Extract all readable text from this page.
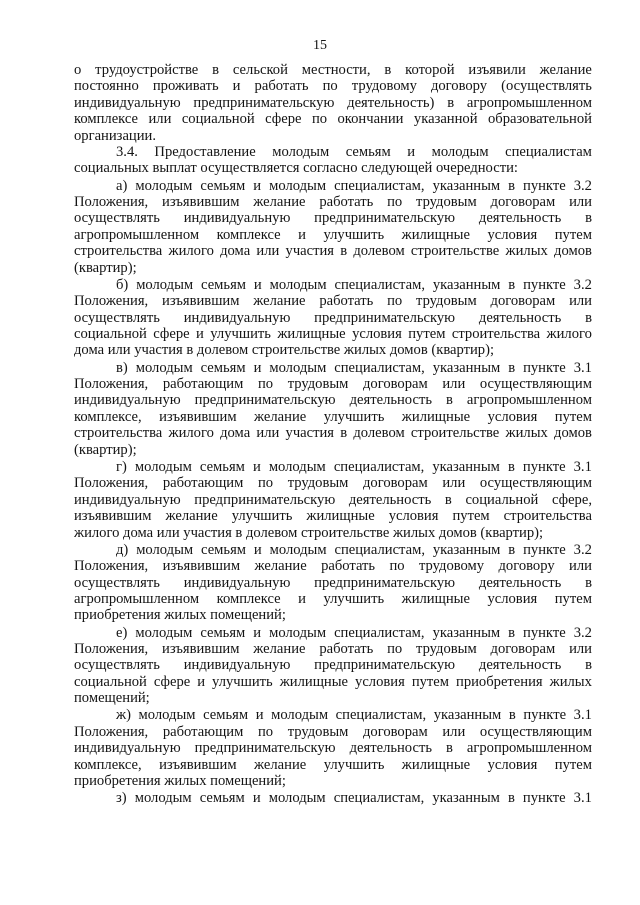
15
о трудоустройстве в сельской местности, в которой изъявили желание
постоянно проживать и работать по трудовому договору (осуществлять
индивидуальную предпринимательскую деятельность) в агропромышленном
комплексе или социальной сфере по окончании указанной образовательной
организации.
3.4. Предоставление молодым семьям и молодым специалистам
социальных выплат осуществляется согласно следующей очередности:
а) молодым семьям и молодым специалистам, указанным в пункте 3.2
Положения, изъявившим желание работать по трудовым договорам или
осуществлять индивидуальную предпринимательскую деятельность в
агропромышленном комплексе и улучшить жилищные условия путем
строительства жилого дома или участия в долевом строительстве жилых домов
(квартир);
б) молодым семьям и молодым специалистам, указанным в пункте 3.2
Положения, изъявившим желание работать по трудовым договорам или
осуществлять индивидуальную предпринимательскую деятельность в
социальной сфере и улучшить жилищные условия путем строительства жилого
дома или участия в долевом строительстве жилых домов (квартир);
в) молодым семьям и молодым специалистам, указанным в пункте 3.1
Положения, работающим по трудовым договорам или осуществляющим
индивидуальную предпринимательскую деятельность в агропромышленном
комплексе, изъявившим желание улучшить жилищные условия путем
строительства жилого дома или участия в долевом строительстве жилых домов
(квартир);
г) молодым семьям и молодым специалистам, указанным в пункте 3.1
Положения, работающим по трудовым договорам или осуществляющим
индивидуальную предпринимательскую деятельность в социальной сфере,
изъявившим желание улучшить жилищные условия путем строительства
жилого дома или участия в долевом строительстве жилых домов (квартир);
д) молодым семьям и молодым специалистам, указанным в пункте 3.2
Положения, изъявившим желание работать по трудовому договору или
осуществлять индивидуальную предпринимательскую деятельность в
агропромышленном комплексе и улучшить жилищные условия путем
приобретения жилых помещений;
е) молодым семьям и молодым специалистам, указанным в пункте 3.2
Положения, изъявившим желание работать по трудовым договорам или
осуществлять индивидуальную предпринимательскую деятельность в
социальной сфере и улучшить жилищные условия путем приобретения жилых
помещений;
ж) молодым семьям и молодым специалистам, указанным в пункте 3.1
Положения, работающим по трудовым договорам или осуществляющим
индивидуальную предпринимательскую деятельность в агропромышленном
комплексе, изъявившим желание улучшить жилищные условия путем
приобретения жилых помещений;
з) молодым семьям и молодым специалистам, указанным в пункте 3.1
